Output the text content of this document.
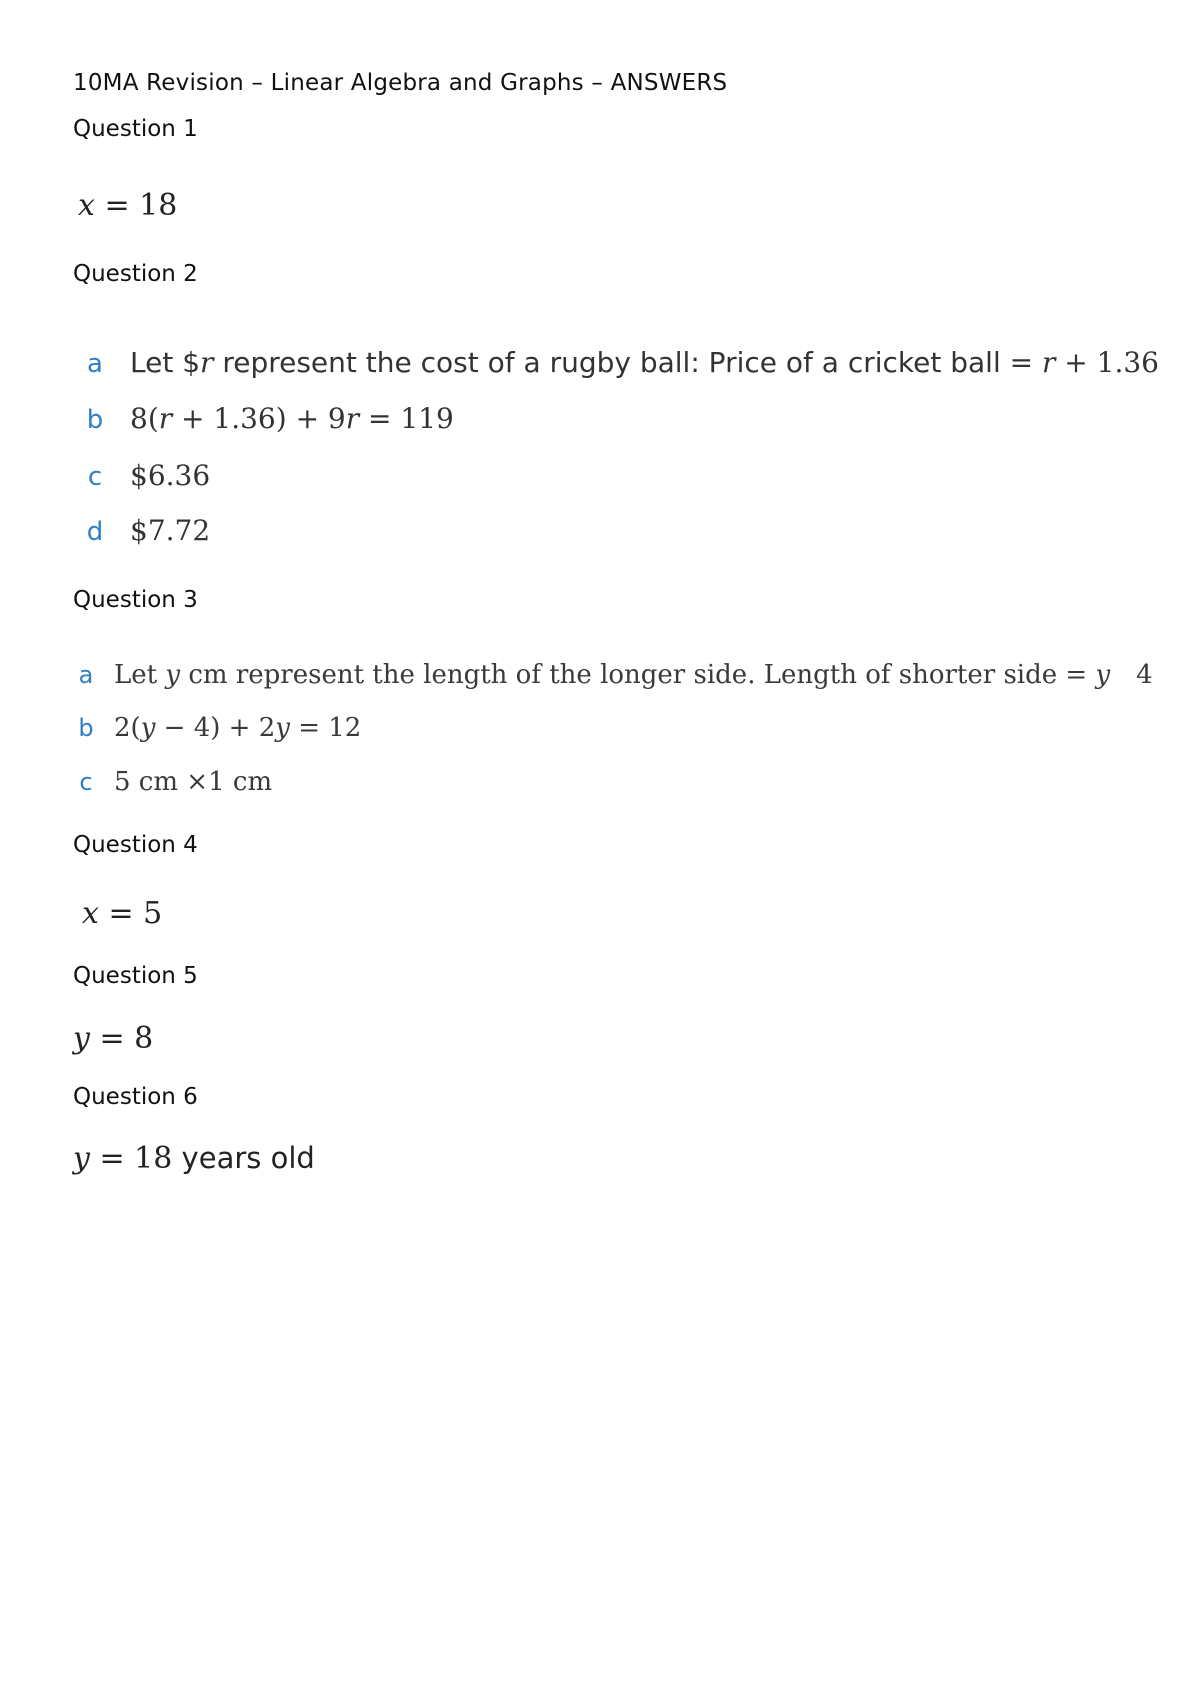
10MA Revision – Linear Algebra and Graphs – ANSWERS
Question 1
x = 18
Question 2
a Let $r represent the cost of a rugby ball: Price of a cricket ball = r + 1.36
b 8(r + 1.36) + 9r = 119
c $6.36
d $7.72
Question 3
a Let y cm represent the length of the longer side. Length of shorter side = y 4
b 2(y − 4) + 2y = 12
c 5 cm ×1 cm
Question 4
x = 5
Question 5
y = 8
Question 6
y = 18 years old
